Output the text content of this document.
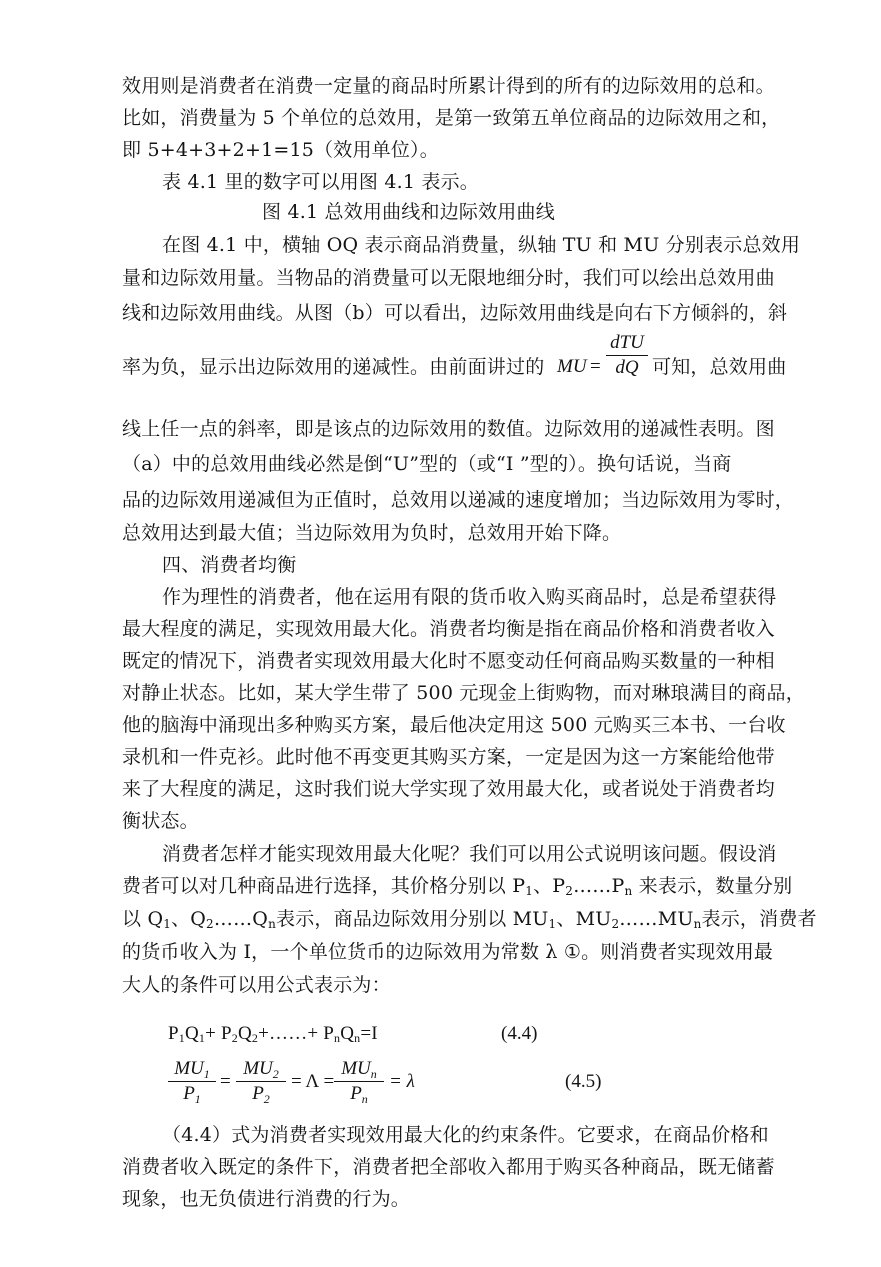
效用则是消费者在消费一定量的商品时所累计得到的所有的边际效用的总和。
比如，消费量为 5 个单位的总效用，是第一致第五单位商品的边际效用之和，
即 5+4+3+2+1=15（效用单位）。
表 4.1 里的数字可以用图 4.1 表示。
图 4.1 总效用曲线和边际效用曲线
在图 4.1 中，横轴 OQ 表示商品消费量，纵轴 TU 和 MU 分别表示总效用
量和边际效用量。当物品的消费量可以无限地细分时，我们可以绘出总效用曲
线和边际效用曲线。从图（b）可以看出，边际效用曲线是向右下方倾斜的，斜
率为负，显示出边际效用的递减性。由前面讲过的 MU =
dTU
dQ 可知，总效用曲
线上任一点的斜率，即是该点的边际效用的数值。边际效用的递减性表明。图
（a）中的总效用曲线必然是倒“U”型的（或“I ”型的）。换句话说，当商
品的边际效用递减但为正值时，总效用以递减的速度增加；当边际效用为零时，
总效用达到最大值；当边际效用为负时，总效用开始下降。
四、消费者均衡
作为理性的消费者，他在运用有限的货币收入购买商品时，总是希望获得
最大程度的满足，实现效用最大化。消费者均衡是指在商品价格和消费者收入
既定的情况下，消费者实现效用最大化时不愿变动任何商品购买数量的一种相
对静止状态。比如，某大学生带了 500 元现金上街购物，而对琳琅满目的商品，
他的脑海中涌现出多种购买方案，最后他决定用这 500 元购买三本书、一台收
录机和一件克衫。此时他不再变更其购买方案，一定是因为这一方案能给他带
来了大程度的满足，这时我们说大学实现了效用最大化，或者说处于消费者均
衡状态。
消费者怎样才能实现效用最大化呢？我们可以用公式说明该问题。假设消
费者可以对几种商品进行选择，其价格分别以 $P_1$、$P_2\dots\dots P_n$ 来表示，数量分别
以 $Q_1$、$Q_2\dots\dots Q_n$表示，商品边际效用分别以 $MU_1$、$MU_2\dots\dots MU_n$表示，消费者
的货币收入为 I，一个单位货币的边际效用为常数 λ ①。则消费者实现效用最
大人的条件可以用公式表示为：
$P_1Q_1+$ $P_2Q_2+\dots\dots+ P_nQ_n=I$	(4.4)
$MU_1$
$P_1$
=
$MU_2$
$P_2$
= Λ =
$MU_n$
$P_n$
= λ	(4.5)
（4.4）式为消费者实现效用最大化的约束条件。它要求，在商品价格和
消费者收入既定的条件下，消费者把全部收入都用于购买各种商品，既无储蓄
现象，也无负债进行消费的行为。
